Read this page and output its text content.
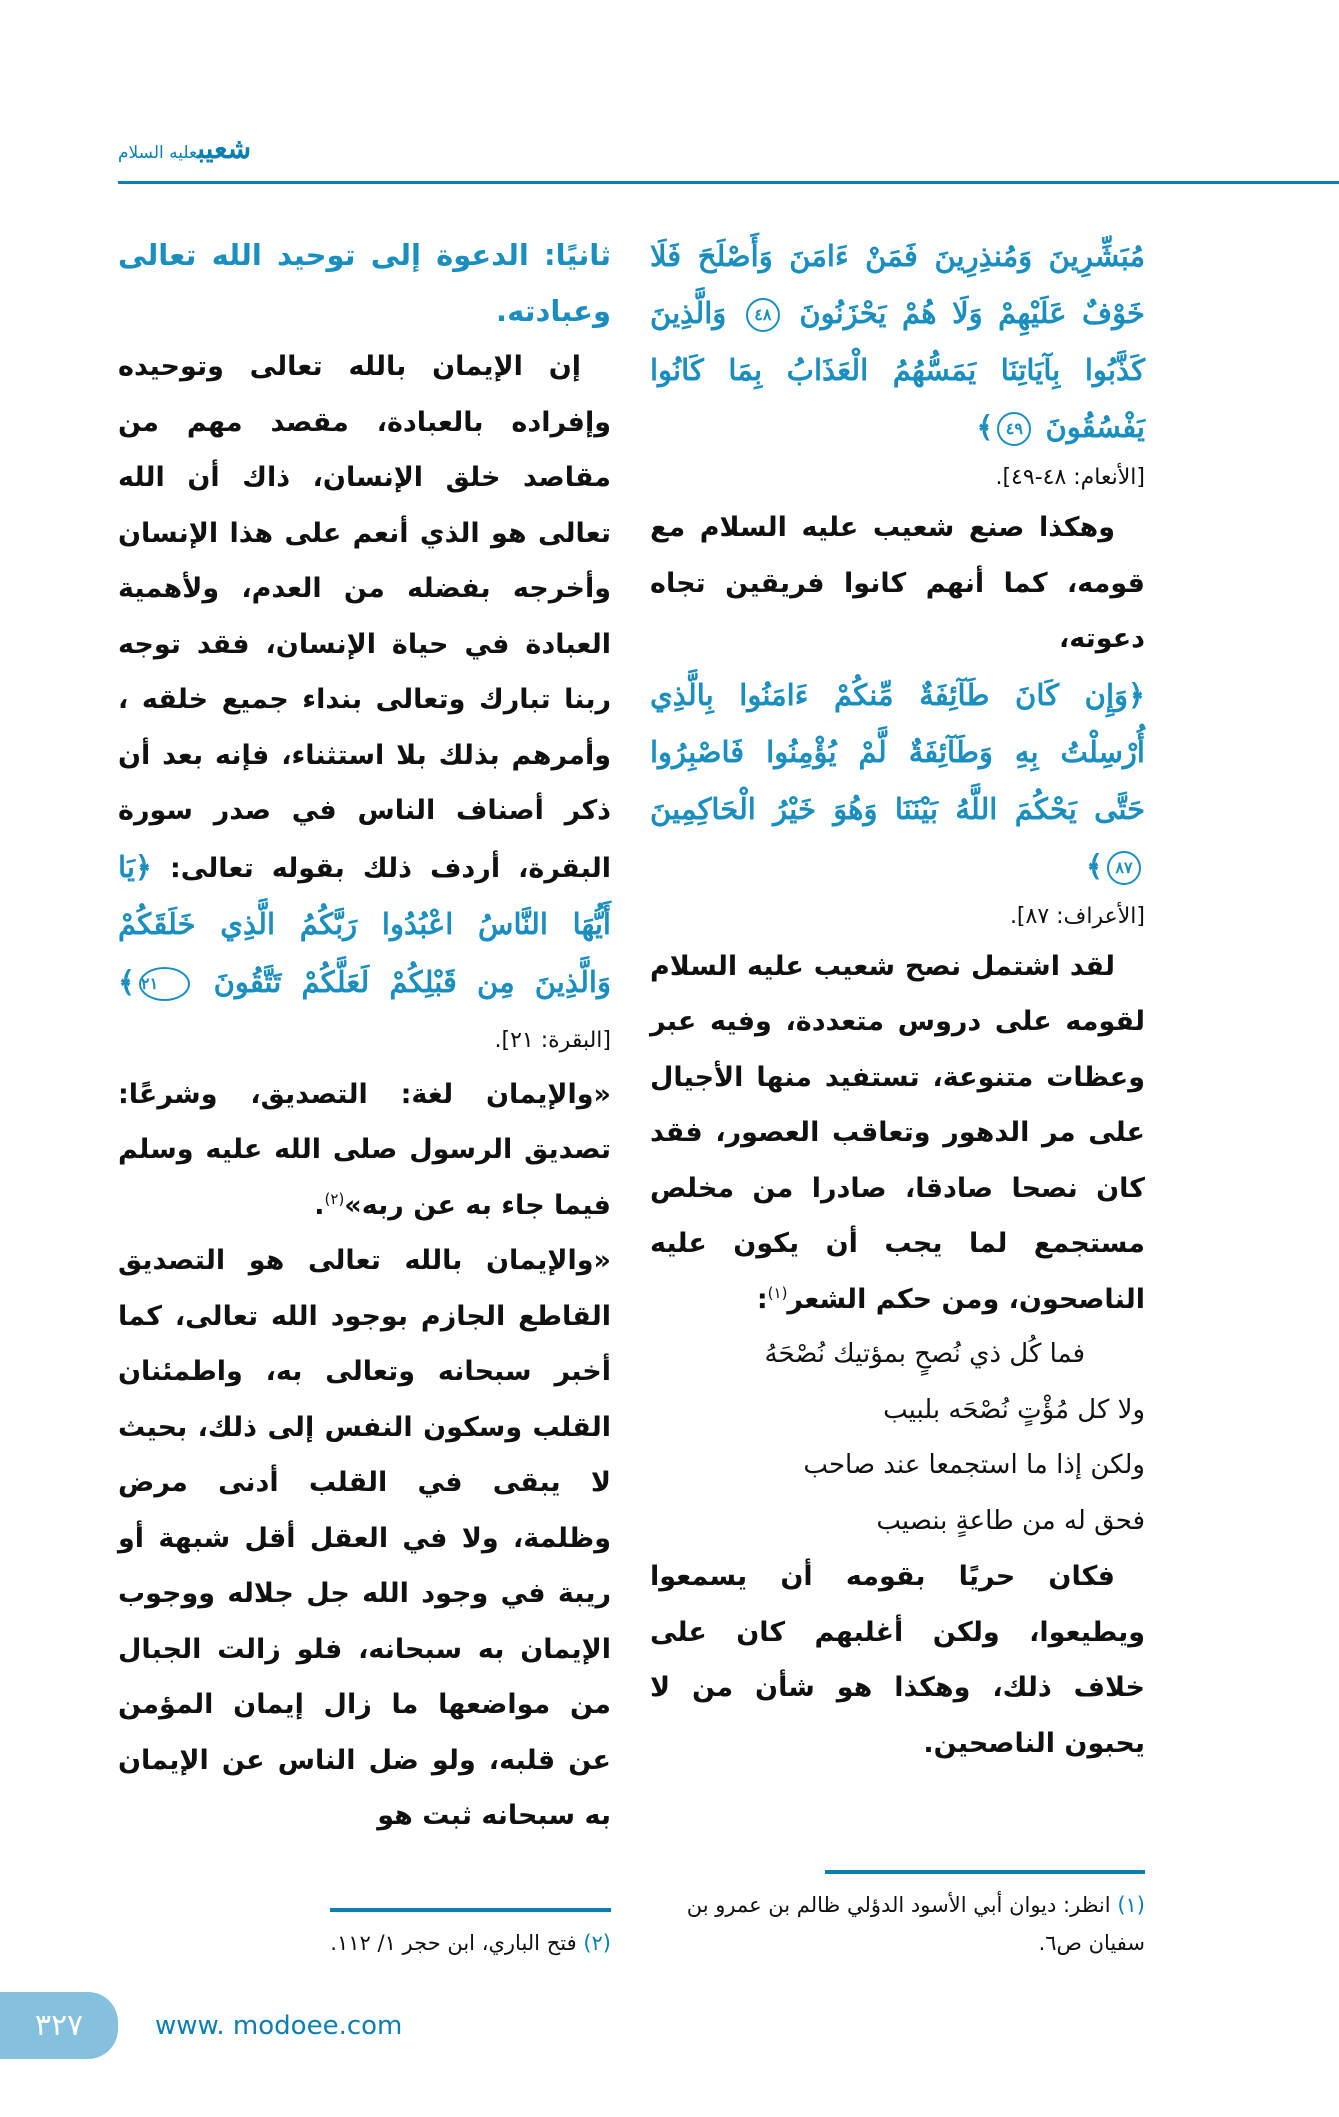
شعيبعليه السلام

مُبَشِّرِينَ وَمُنذِرِينَ فَمَنْ ءَامَنَ وَأَصْلَحَ فَلَا خَوْفٌ عَلَيْهِمْ وَلَا هُمْ يَحْزَنُونَ ٤٨ وَالَّذِينَ كَذَّبُوا بِآيَاتِنَا يَمَسُّهُمُ الْعَذَابُ بِمَا كَانُوا يَفْسُقُونَ ٤٩﴾

[الأنعام: ٤٨-٤٩].

وهكذا صنع شعيب عليه السلام مع قومه، كما أنهم كانوا فريقين تجاه دعوته،

﴿وَإِن كَانَ طَآئِفَةٌ مِّنكُمْ ءَامَنُوا بِالَّذِي أُرْسِلْتُ بِهِ وَطَآئِفَةٌ لَّمْ يُؤْمِنُوا فَاصْبِرُوا حَتَّى يَحْكُمَ اللَّهُ بَيْنَنَا وَهُوَ خَيْرُ الْحَاكِمِينَ ٨٧﴾

[الأعراف: ٨٧].

لقد اشتمل نصح شعيب عليه السلام لقومه على دروس متعددة، وفيه عبر وعظات متنوعة، تستفيد منها الأجيال على مر الدهور وتعاقب العصور، فقد كان نصحا صادقا، صادرا من مخلص مستجمع لما يجب أن يكون عليه الناصحون، ومن حكم الشعر$^{(١)}$:

فما كُل ذي نُصحٍ بمؤتيك نُصْحَهُ

ولا كل مُؤْتٍ نُصْحَه بلبيب

ولكن إذا ما استجمعا عند صاحب

فحق له من طاعةٍ بنصيب

فكان حريًا بقومه أن يسمعوا ويطيعوا، ولكن أغلبهم كان على خلاف ذلك، وهكذا هو شأن من لا يحبون الناصحين.

(١) انظر: ديوان أبي الأسود الدؤلي ظالم بن عمرو بن سفيان ص٦.

ثانيًا: الدعوة إلى توحيد الله تعالى وعبادته.

إن الإيمان بالله تعالى وتوحيده وإفراده بالعبادة، مقصد مهم من مقاصد خلق الإنسان، ذاك أن الله تعالى هو الذي أنعم على هذا الإنسان وأخرجه بفضله من العدم، ولأهمية العبادة في حياة الإنسان، فقد توجه ربنا تبارك وتعالى بنداء جميع خلقه ، وأمرهم بذلك بلا استثناء، فإنه بعد أن ذكر أصناف الناس في صدر سورة البقرة، أردف ذلك بقوله تعالى: ﴿يَا أَيُّهَا النَّاسُ اعْبُدُوا رَبَّكُمُ الَّذِي خَلَقَكُمْ وَالَّذِينَ مِن قَبْلِكُمْ لَعَلَّكُمْ تَتَّقُونَ ٢١﴾ [البقرة: ٢١].

«والإيمان لغة: التصديق، وشرعًا: تصديق الرسول صلى الله عليه وسلم فيما جاء به عن ربه»$^{(٢)}$.

«والإيمان بالله تعالى هو التصديق القاطع الجازم بوجود الله تعالى، كما أخبر سبحانه وتعالى به، واطمئنان القلب وسكون النفس إلى ذلك، بحيث لا يبقى في القلب أدنى مرض وظلمة، ولا في العقل أقل شبهة أو ريبة في وجود الله جل جلاله ووجوب الإيمان به سبحانه، فلو زالت الجبال من مواضعها ما زال إيمان المؤمن عن قلبه، ولو ضل الناس عن الإيمان به سبحانه ثبت هو

(٢) فتح الباري، ابن حجر ١/ ١١٢.
٣٢٧	www. modoee.com
